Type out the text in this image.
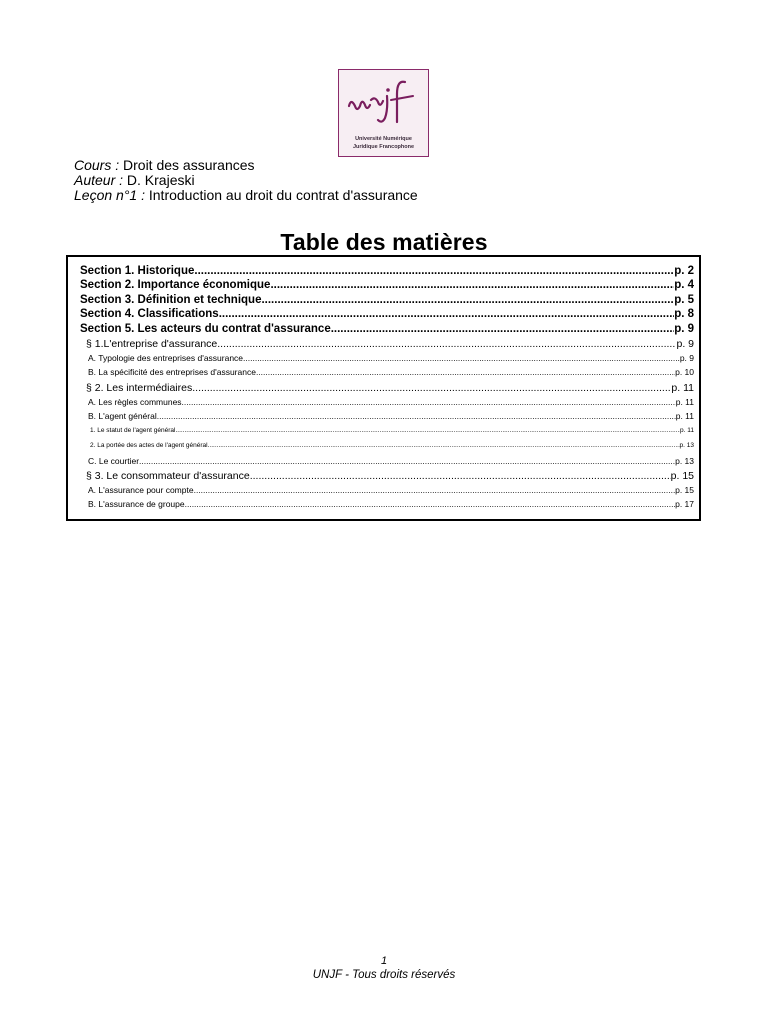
Université Numérique
Juridique Francophone
Cours : Droit des assurances
Auteur : D. Krajeski
Leçon n°1 : Introduction au droit du contrat d'assurance
Table des matières
Section 1. Historique .....	p. 2
Section 2. Importance économique .....	p. 4
Section 3. Définition et technique .....	p. 5
Section 4. Classifications .....	p. 8
Section 5. Les acteurs du contrat d'assurance .....	p. 9
§ 1.L'entreprise d'assurance .....	p. 9
A. Typologie des entreprises d'assurance .....	p. 9
B. La spécificité des entreprises d'assurance .....	p. 10
§ 2. Les intermédiaires .....	p. 11
A. Les règles communes .....	p. 11
B. L'agent général .....	p. 11
1. Le statut de l'agent général .....	p. 11
2. La portée des actes de l'agent général .....	p. 13
C. Le courtier .....	p. 13
§ 3. Le consommateur d'assurance .....	p. 15
A. L'assurance pour compte .....	p. 15
B. L'assurance de groupe .....	p. 17
1
UNJF - Tous droits réservés
